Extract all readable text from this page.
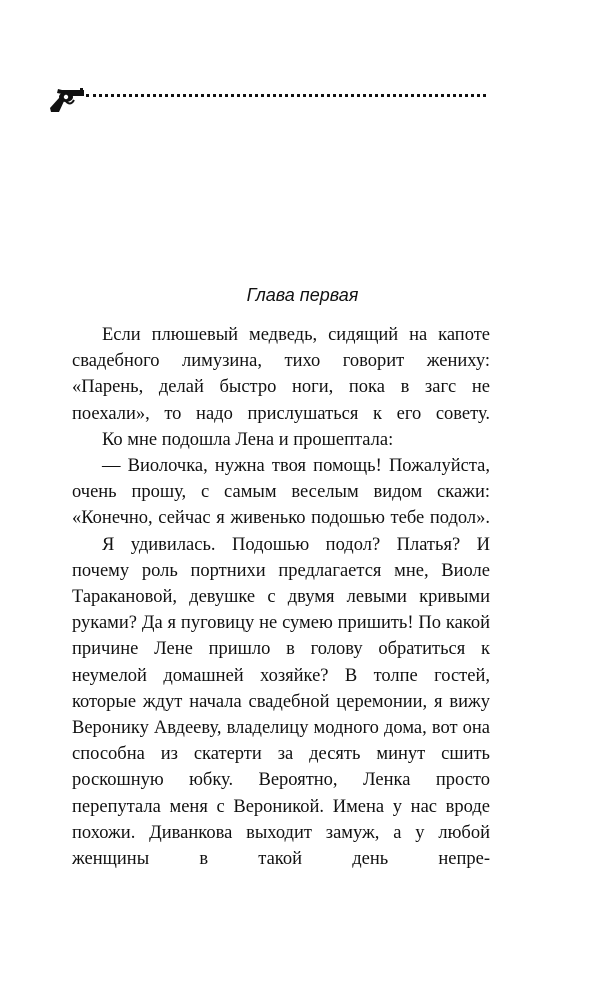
Глава первая

Если плюшевый медведь, сидящий на капоте свадебного лимузина, тихо говорит жениху: «Парень, делай быстро ноги, пока в загс не поехали», то надо прислушаться к его совету.

Ко мне подошла Лена и прошептала:

— Виолочка, нужна твоя помощь! Пожалуйста, очень прошу, с самым веселым видом скажи: «Конечно, сейчас я живенько подошью тебе подол».

Я удивилась. Подошью подол? Платья? И почему роль портнихи предлагается мне, Виоле Таракановой, девушке с двумя левыми кривыми руками? Да я пуговицу не сумею пришить! По какой причине Лене пришло в голову обратиться к неумелой домашней хозяйке? В толпе гостей, которые ждут начала свадебной церемонии, я вижу Веронику Авдееву, владелицу модного дома, вот она способна из скатерти за десять минут сшить роскошную юбку. Вероятно, Ленка просто перепутала меня с Вероникой. Имена у нас вроде похожи. Диванкова выходит замуж, а у любой женщины в такой день непре-
